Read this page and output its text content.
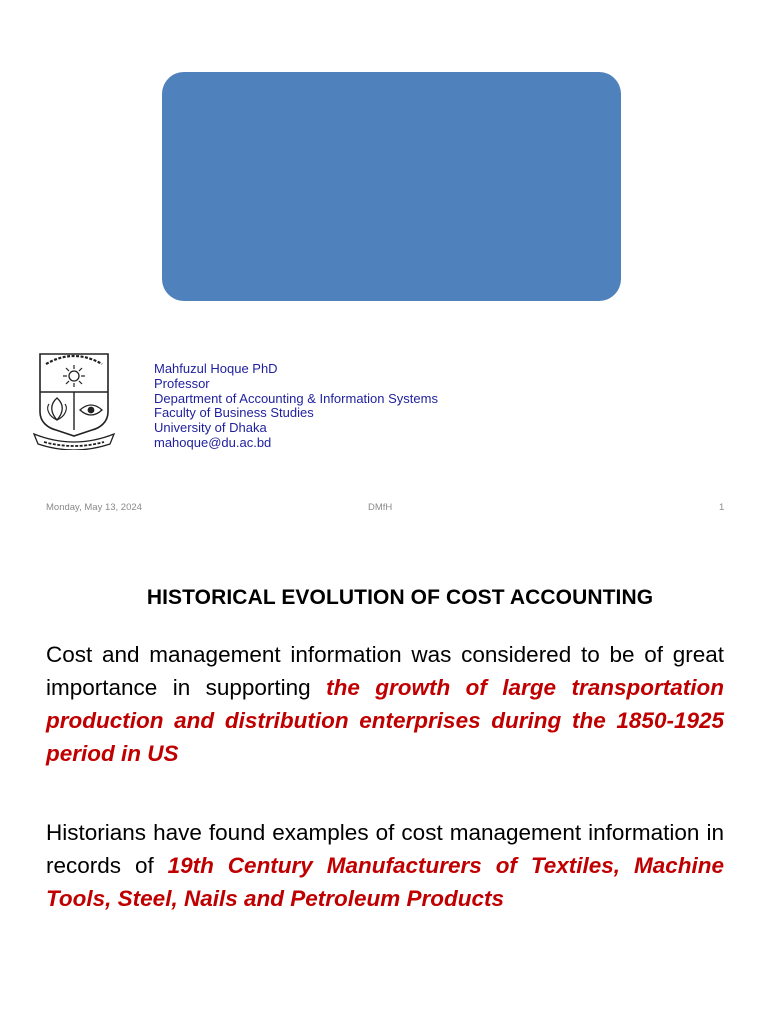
Mahfuzul Hoque PhD
Professor
Department of Accounting & Information Systems
Faculty of Business Studies
University of Dhaka
mahoque@du.ac.bd
Monday, May 13, 2024	DMfH	1
HISTORICAL EVOLUTION OF COST ACCOUNTING
Cost and management information was considered to be of great importance in supporting the growth of large transportation production and distribution enterprises during the 1850-1925 period in US
Historians have found examples of cost management information in records of 19th Century Manufacturers of Textiles, Machine Tools, Steel, Nails and Petroleum Products
